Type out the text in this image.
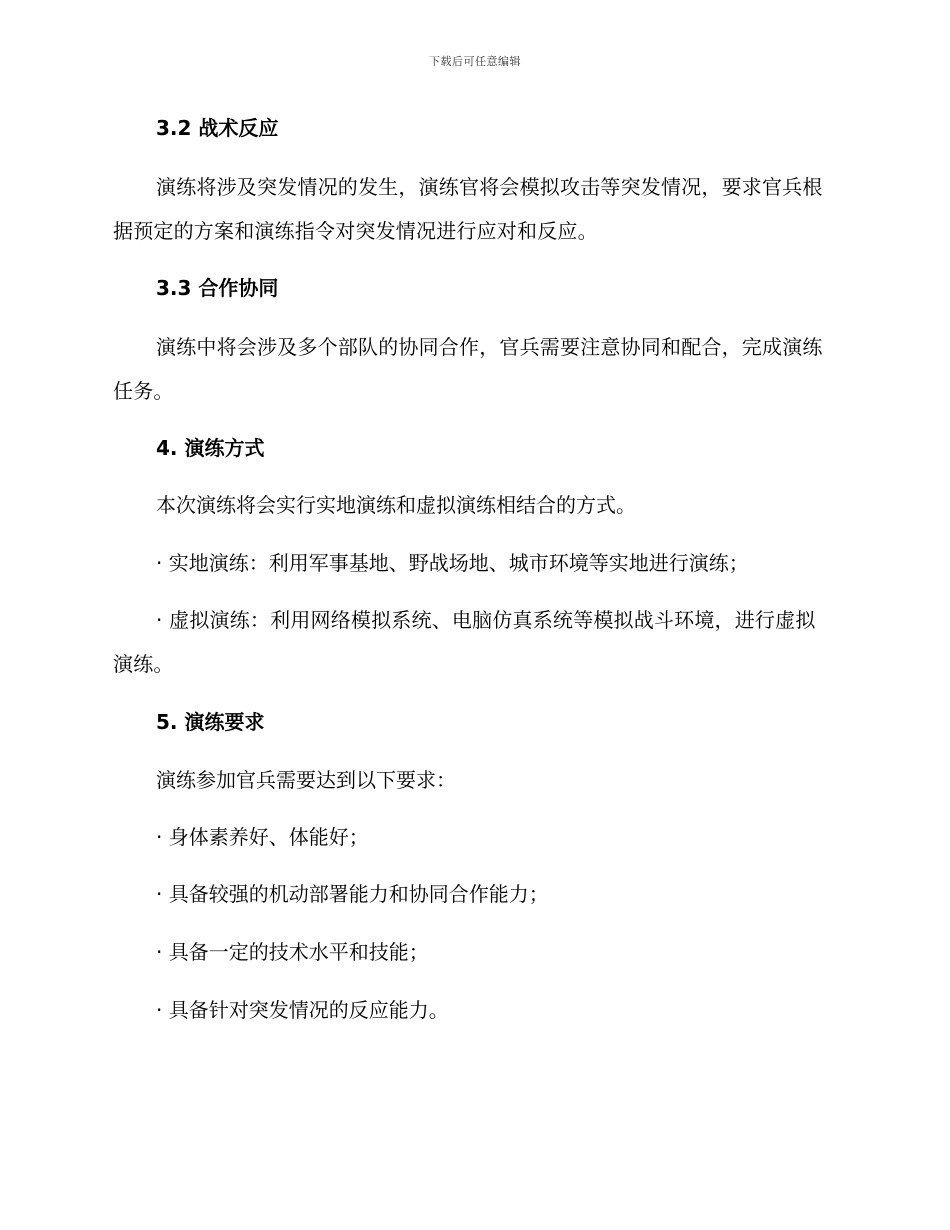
下载后可任意编辑
3.2 战术反应
演练将涉及突发情况的发生，演练官将会模拟攻击等突发情况，要求官兵根据预定的方案和演练指令对突发情况进行应对和反应。
3.3 合作协同
演练中将会涉及多个部队的协同合作，官兵需要注意协同和配合，完成演练任务。
4. 演练方式
本次演练将会实行实地演练和虚拟演练相结合的方式。
· 实地演练：利用军事基地、野战场地、城市环境等实地进行演练；
· 虚拟演练：利用网络模拟系统、电脑仿真系统等模拟战斗环境，进行虚拟演练。
5. 演练要求
演练参加官兵需要达到以下要求：
· 身体素养好、体能好；
· 具备较强的机动部署能力和协同合作能力；
· 具备一定的技术水平和技能；
· 具备针对突发情况的反应能力。
